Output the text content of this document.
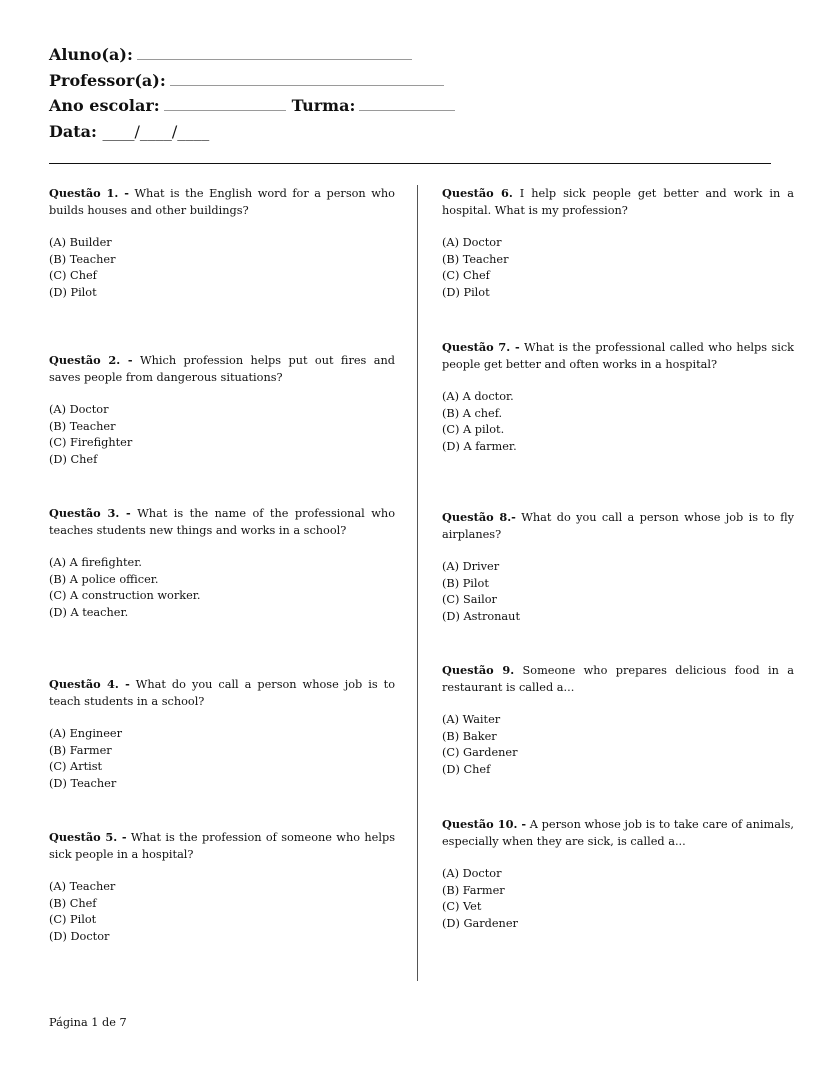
Aluno(a):
Professor(a):
Ano escolar:	Turma:
Data: ____/____/____
Questão 1. - What is the English word for a person who builds houses and other buildings?
(A) Builder
(B) Teacher
(C) Chef
(D) Pilot
Questão 2. - Which profession helps put out fires and saves people from dangerous situations?
(A) Doctor
(B) Teacher
(C) Firefighter
(D) Chef
Questão 3. - What is the name of the professional who teaches students new things and works in a school?
(A) A firefighter.
(B) A police officer.
(C) A construction worker.
(D) A teacher.
Questão 4. - What do you call a person whose job is to teach students in a school?
(A) Engineer
(B) Farmer
(C) Artist
(D) Teacher
Questão 5. - What is the profession of someone who helps sick people in a hospital?
(A) Teacher
(B) Chef
(C) Pilot
(D) Doctor
Questão 6. I help sick people get better and work in a hospital. What is my profession?
(A) Doctor
(B) Teacher
(C) Chef
(D) Pilot
Questão 7. - What is the professional called who helps sick people get better and often works in a hospital?
(A) A doctor.
(B) A chef.
(C) A pilot.
(D) A farmer.
Questão 8.- What do you call a person whose job is to fly airplanes?
(A) Driver
(B) Pilot
(C) Sailor
(D) Astronaut
Questão 9. Someone who prepares delicious food in a restaurant is called a...
(A) Waiter
(B) Baker
(C) Gardener
(D) Chef
Questão 10. - A person whose job is to take care of animals, especially when they are sick, is called a...
(A) Doctor
(B) Farmer
(C) Vet
(D) Gardener
Página 1 de 7
